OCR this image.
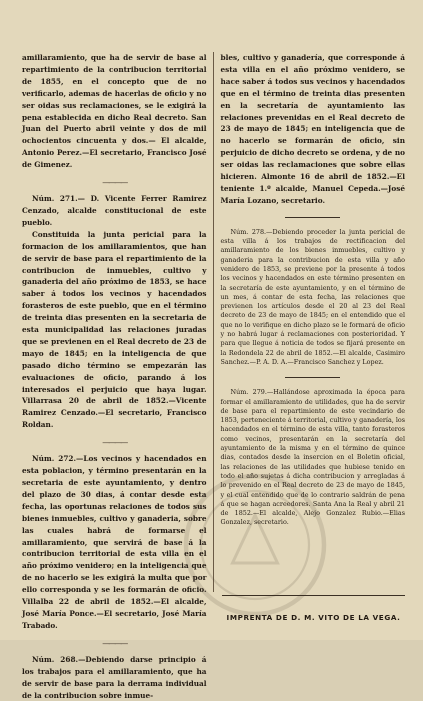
amillaramiento, que ha de servir de base al repartimiento de la contribucion territorial de 1855, en el concepto que de no verificarlo, ademas de hacerlas de oficio y no ser oidas sus reclamaciones, se le exigirá la pena establecida en dicho Real decreto. San Juan del Puerto abril veinte y dos de mil ochocientos cincuenta y dos.— El alcalde, Antonio Perez.—El secretario, Francisco José de Gimenez.

————

Núm. 271.— D. Vicente Ferrer Ramirez Cenzado, alcalde constitucional de este pueblo.

Constituida la junta pericial para la formacion de los amillaramientos, que han de servir de base para el repartimiento de la contribucion de inmuebles, cultivo y ganaderia del año próximo de 1853, se hace saber á todos los vecinos y hacendados forasteros de este pueblo, que en el término de treinta dias presenten en la secretaria de esta municipalidad las relaciones juradas que se previenen en el Real decreto de 23 de mayo de 1845; en la inteligencia de que pasado dicho término se empezarán las evaluaciones de oficio, parando á los interesados el perjuicio que haya lugar. Villarrasa 20 de abril de 1852.—Vicente Ramirez Cenzado.—El secretario, Francisco Roldan.

————

Núm. 272.—Los vecinos y hacendados en esta poblacion, y término presentarán en la secretaria de este ayuntamiento, y dentro del plazo de 30 dias, á contar desde esta fecha, las oportunas relaciones de todos sus bienes inmuebles, cultivo y ganaderia, sobre las cuales habrá de formarse el amillaramiento, que servirá de base á la contribucion territorial de esta villa en el año próximo venidero; en la inteligencia que de no hacerlo se les exigirá la multa que por ello corresponda y se les formarán de oficio. Villalba 22 de abril de 1852.—El alcalde, José María Ponce.—El secretario, José María Trabado.

————

Núm. 268.—Debiendo darse principio á los trabajos para el amillaramiento, que ha de servir de base para la derrama individual de la contribucion sobre inmue-

bles, cultivo y ganadería, que corresponde á esta villa en el año próximo venidero, se hace saber á todos sus vecinos y hacendados que en el término de treinta dias presenten en la secretaría de ayuntamiento las relaciones prevenidas en el Real decreto de 23 de mayo de 1845; en inteligencia que de no hacerlo se formarán de oficio, sin perjuicio de dicho decreto se ordena, y de no ser oidas las reclamaciones que sobre ellas hicieren. Almonte 16 de abril de 1852.—El teniente 1.º alcalde, Manuel Cepeda.—José María Lozano, secretario.

Núm. 278.—Debiendo proceder la junta pericial de esta villa á los trabajos de rectificacion del amillaramiento de los bienes inmuebles, cultivo y ganaderia para la contribucion de esta villa y año venidero de 1853, se previene por la presente á todos los vecinos y hacendados en este término presenten en la secretaría de este ayuntamiento, y en el término de un mes, á contar de esta fecha, las relaciones que previenen los artículos desde el 20 al 23 del Real decreto de 23 de mayo de 1845; en el entendido que el que no lo verifique en dicho plazo se le formará de oficio y no habrá lugar á reclamaciones con posterioridad. Y para que llegue á noticia de todos se fijará presente en la Redondela 22 de abril de 1852.—El alcalde, Casimiro Sanchez.—P. A. D. A.—Francisco Sanchez y Lopez.

Núm. 279.—Hallándose aproximada la época para formar el amillaramiento de utilidades, que ha de servir de base para el repartimiento de este vecindario de 1853, perteneciente á territorial, cultivo y ganadería, los hacendados en el término de esta villa, tanto forasteros como vecinos, presentarán en la secretaría del ayuntamiento de la misma y en el término de quince dias, contados desde la insercion en el Boletin oficial, las relaciones de las utilidades que hubiese tenido en todo el año sujetas á dicha contribucion y arregladas á lo prevenido en el Real decreto de 23 de mayo de 1845, y el cual entendido que de lo contrario saldrán de pena á que se hagan acreedores. Santa Ana la Real y abril 21 de 1852.—El alcalde, Alejo Gonzalez Rubio.—Elias Gonzalez, secretario.

IMPRENTA DE D. M. VITO DE LA VEGA.
